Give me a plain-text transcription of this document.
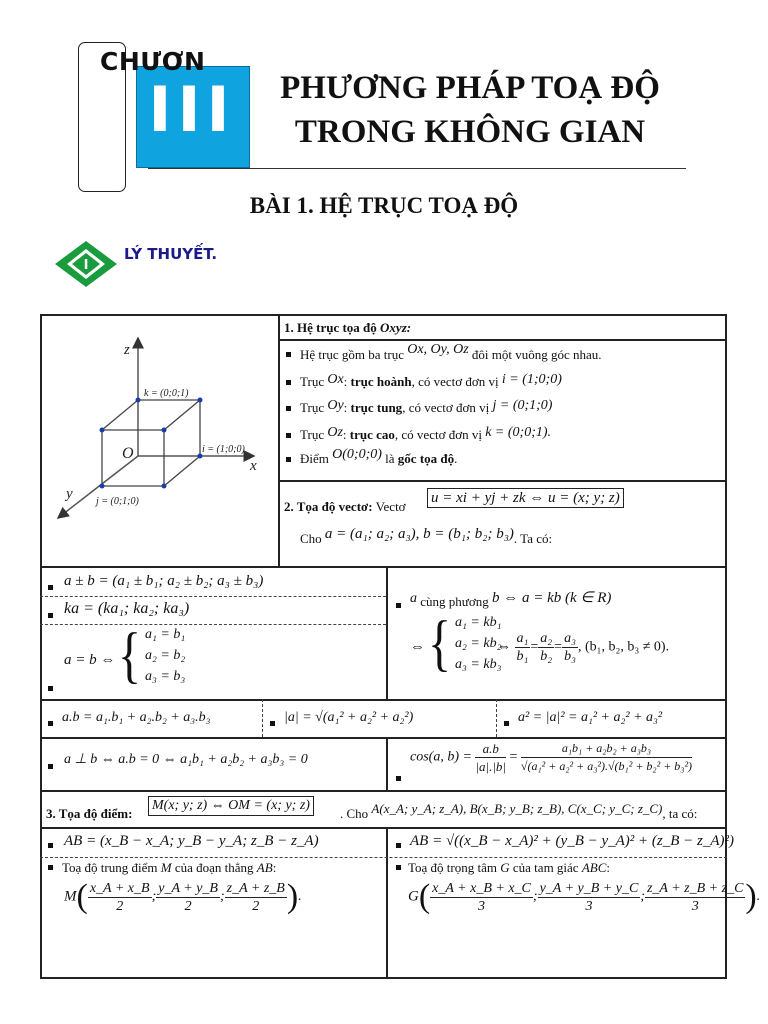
CHƯƠN
III	PHƯƠNG PHÁP TOẠ ĐỘ
TRONG KHÔNG GIAN
BÀI 1. HỆ TRỤC TOẠ ĐỘ
I
LÝ THUYẾT.
z
x
y
O
k = (0;0;1)
i = (1;0;0)
j = (0;1;0)
1. Hệ trục tọa độ Oxyz:
Hệ trục gồm ba trục Ox, Oy, Oz đôi một vuông góc nhau.
Trục Ox: trục hoành, có vectơ đơn vị i = (1;0;0)
Trục Oy: trục tung, có vectơ đơn vị j = (0;1;0)
Trục Oz: trục cao, có vectơ đơn vị k = (0;0;1).
Điểm O(0;0;0) là gốc tọa độ.
2. Tọa độ vectơ: Vectơ
u = xi + yj + zk ⇔ u = (x; y; z)
Cho a = (a₁; a₂; a₃), b = (b₁; b₂; b₃). Ta có:
a ± b = (a₁ ± b₁; a₂ ± b₂; a₃ ± b₃)
ka = (ka₁; ka₂; ka₃)
a = b ⇔ { a₁ = b₁
a₂ = b₂
a₃ = b₃
a cùng phương b ⇔ a = kb (k ∈ R)
⇔ { a₁ = kb₁
a₂ = kb₂
a₃ = kb₃
⇔ $\frac{\text{a₁}}{\text{b₁}} = \frac{\text{a₂}}{\text{b₂}} = \frac{\text{a₃}}{\text{b₃}}$ , (b₁, b₂, b₃ ≠ 0).
a.b = a₁.b₁ + a₂.b₂ + a₃.b₃	|a| = √(a₁² + a₂² + a₂²)	a² = |a|² = a₁² + a₂² + a₃²
a ⊥ b ⇔ a.b = 0 ⇔ a₁b₁ + a₂b₂ + a₃b₃ = 0	cos(a, $b) = \frac{a.b}{|a|.|b|} = \frac{\text{a₁b₁ + a₂b₂ + a₃b₃}}{\text{√(a₁² + a₂² + a₃²).√(b₁² + b₂² + b₃²)}}$
3. Tọa độ điểm:
M(x; y; z) ⇔ OM = (x; y; z)
. Cho A(x_A; y_A; z_A), B(x_B; y_B; z_B), C(x_C; y_C; z_C), ta có:
AB = (x_B − x_A; y_B − y_A; z_B − z_A)	AB = √((x_B − x_A)² + (y_B − y_A)² + (z_B − z_A)²)
Toạ độ trung điểm M của đoạn thẳng AB:
$M( \frac{x\_A + x\_B}{2}$ ; $\frac{y\_A + y\_B}{2}$ ; $\frac{z\_A + z\_B}{2}$ ).
Toạ độ trọng tâm G của tam giác ABC:
$G( \frac{x\_A + x\_B + x\_C}{3}$ ; $\frac{y\_A + y\_B + y\_C}{3}$ ; $\frac{z\_A + z\_B + z\_C}{3}$ ).
